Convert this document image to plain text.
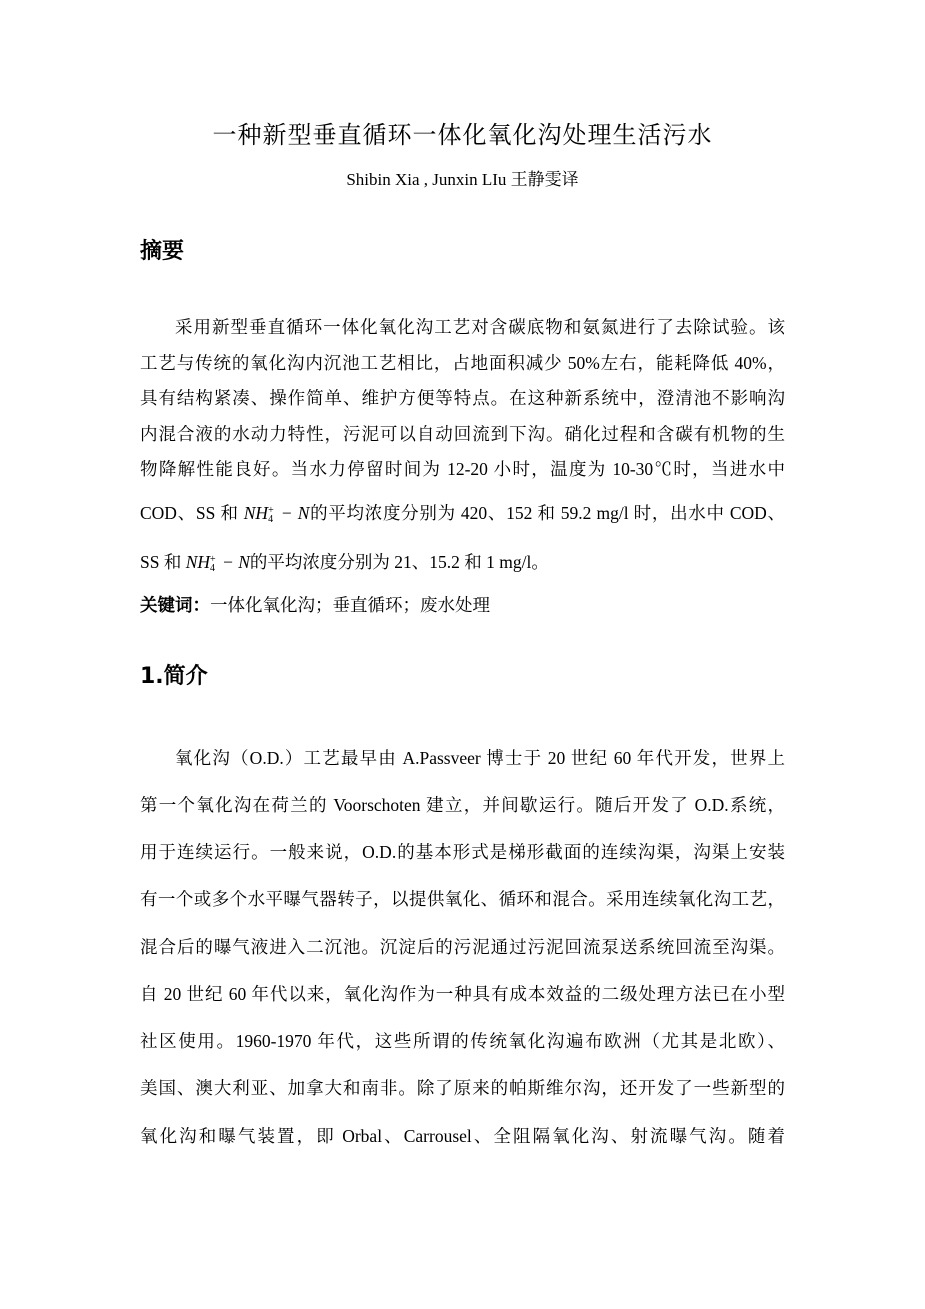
一种新型垂直循环一体化氧化沟处理生活污水
Shibin Xia , Junxin LIu 王静雯译
摘要
采用新型垂直循环一体化氧化沟工艺对含碳底物和氨氮进行了去除试验。该
工艺与传统的氧化沟内沉池工艺相比，占地面积减少 50%左右，能耗降低 40%，
具有结构紧凑、操作简单、维护方便等特点。在这种新系统中，澄清池不影响沟
内混合液的水动力特性，污泥可以自动回流到下沟。硝化过程和含碳有机物的生
物降解性能良好。当水力停留时间为 12-20 小时，温度为 10-30℃时，当进水中
COD、SS 和 NH +
4 − N的平均浓度分别为 420、152 和 59.2 mg/l 时，出水中 COD、
SS 和 NH +
4 − N的平均浓度分别为 21、15.2 和 1 mg/l。
关键词：一体化氧化沟；垂直循环；废水处理
1.简介
氧化沟（O.D.）工艺最早由 A.Passveer 博士于 20 世纪 60 年代开发，世界上
第一个氧化沟在荷兰的 Voorschoten 建立，并间歇运行。随后开发了 O.D.系统，
用于连续运行。一般来说，O.D.的基本形式是梯形截面的连续沟渠，沟渠上安装
有一个或多个水平曝气器转子，以提供氧化、循环和混合。采用连续氧化沟工艺，
混合后的曝气液进入二沉池。沉淀后的污泥通过污泥回流泵送系统回流至沟渠。
自 20 世纪 60 年代以来，氧化沟作为一种具有成本效益的二级处理方法已在小型
社区使用。1960-1970 年代，这些所谓的传统氧化沟遍布欧洲（尤其是北欧）、
美国、澳大利亚、加拿大和南非。除了原来的帕斯维尔沟，还开发了一些新型的
氧化沟和曝气装置，即 Orbal、Carrousel、全阻隔氧化沟、射流曝气沟。随着
